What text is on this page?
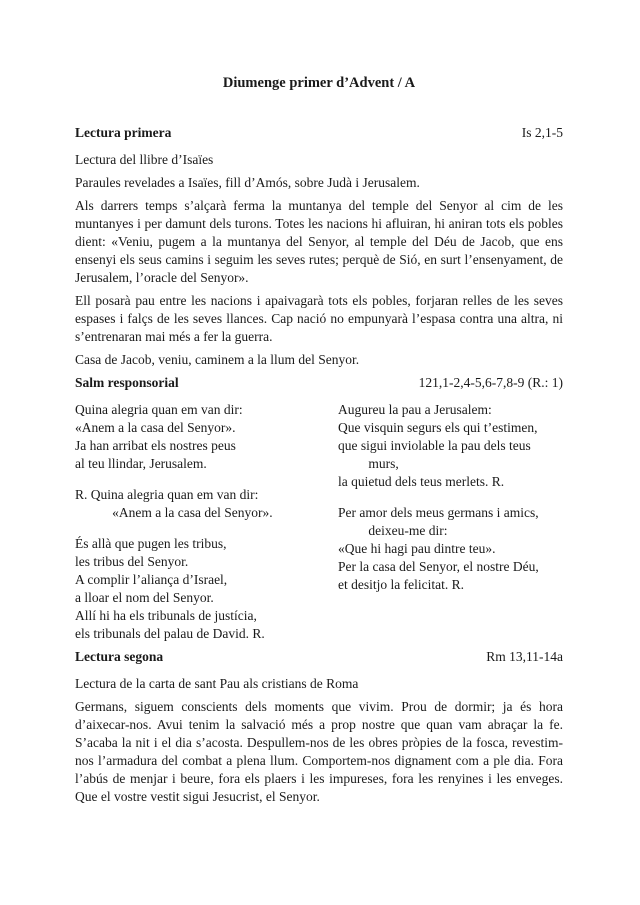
Diumenge primer d’Advent / A
Lectura primera	Is 2,1-5

Lectura del llibre d’Isaïes

Paraules revelades a Isaïes, fill d’Amós, sobre Judà i Jerusalem.

Als darrers temps s’alçarà ferma la muntanya del temple del Senyor al cim de les muntanyes i per damunt dels turons. Totes les nacions hi afluiran, hi aniran tots els pobles dient: «Veniu, pugem a la muntanya del Senyor, al temple del Déu de Jacob, que ens ensenyi els seus camins i seguim les seves rutes; perquè de Sió, en surt l’ensenyament, de Jerusalem, l’oracle del Senyor».

Ell posarà pau entre les nacions i apaivagarà tots els pobles, forjaran relles de les seves espases i falçs de les seves llances. Cap nació no empunyarà l’espasa contra una altra, ni s’entrenaran mai més a fer la guerra.

Casa de Jacob, veniu, caminem a la llum del Senyor.

Salm responsorial	121,1-2,4-5,6-7,8-9 (R.: 1)
Quina alegria quan em van dir:
«Anem a la casa del Senyor».
Ja han arribat els nostres peus
al teu llindar, Jerusalem.
R. Quina alegria quan em van dir:
«Anem a la casa del Senyor».
És allà que pugen les tribus,
les tribus del Senyor.
A complir l’aliança d’Israel,
a lloar el nom del Senyor.
Allí hi ha els tribunals de justícia,
els tribunals del palau de David. R.
Augureu la pau a Jerusalem:
Que visquin segurs els qui t’estimen,
que sigui inviolable la pau dels teus
murs,
la quietud dels teus merlets. R.
Per amor dels meus germans i amics,
deixeu-me dir:
«Que hi hagi pau dintre teu».
Per la casa del Senyor, el nostre Déu,
et desitjo la felicitat. R.
Lectura segona	Rm 13,11-14a

Lectura de la carta de sant Pau als cristians de Roma

Germans, siguem conscients dels moments que vivim. Prou de dormir; ja és hora d’aixecar-nos. Avui tenim la salvació més a prop nostre que quan vam abraçar la fe. S’acaba la nit i el dia s’acosta. Despullem-nos de les obres pròpies de la fosca, revestim-nos l’armadura del combat a plena llum. Comportem-nos dignament com a ple dia. Fora l’abús de menjar i beure, fora els plaers i les impureses, fora les renyines i les enveges. Que el vostre vestit sigui Jesucrist, el Senyor.
